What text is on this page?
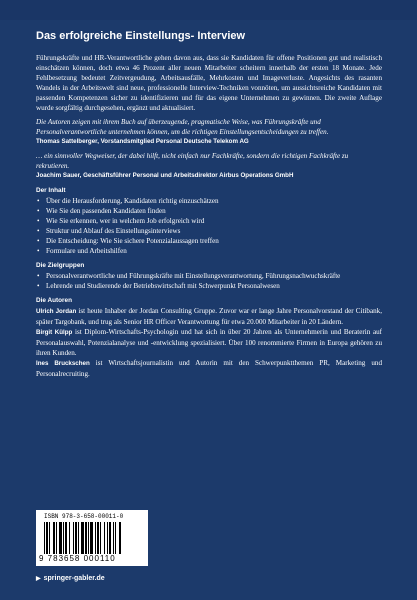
Das erfolgreiche Einstellungs- Interview

Führungskräfte und HR-Verantwortliche gehen davon aus, dass sie Kandidaten für offene Positionen gut und realistisch einschätzen können, doch etwa 46 Prozent aller neuen Mitarbeiter scheitern innerhalb der ersten 18 Monate. Jede Fehlbesetzung bedeutet Zeitvergeudung, Arbeitsausfälle, Mehrkosten und Imageverluste. Angesichts des rasanten Wandels in der Arbeitswelt sind neue, professionelle Interview-Techniken vonnöten, um aussichtsreiche Kandidaten mit passenden Kompetenzen sicher zu identifizieren und für das eigene Unternehmen zu gewinnen. Die zweite Auflage wurde sorgfältig durchgesehen, ergänzt und aktualisiert.

Die Autoren zeigen mit ihrem Buch auf überzeugende, pragmatische Weise, was Führungskräfte und Personalverantwortliche unternehmen können, um die richtigen Einstellungsentscheidungen zu treffen.

Thomas Sattelberger, Vorstandsmitglied Personal Deutsche Telekom AG

… ein sinnvoller Wegweiser, der dabei hilft, nicht einfach nur Fachkräfte, sondern die richtigen Fachkräfte zu rekrutieren.

Joachim Sauer, Geschäftsführer Personal und Arbeitsdirektor Airbus Operations GmbH

Der Inhalt

• Über die Herausforderung, Kandidaten richtig einzuschätzen
• Wie Sie den passenden Kandidaten finden
• Wie Sie erkennen, wer in welchem Job erfolgreich wird
• Struktur und Ablauf des Einstellungsinterviews
• Die Entscheidung: Wie Sie sichere Potenzialaussagen treffen
• Formulare und Arbeitshilfen

Die Zielgruppen

• Personalverantwortliche und Führungskräfte mit Einstellungsverantwortung, Führungsnachwuchskräfte
• Lehrende und Studierende der Betriebswirtschaft mit Schwerpunkt Personalwesen

Die Autoren

Ulrich Jordan ist heute Inhaber der Jordan Consulting Gruppe. Zuvor war er lange Jahre Personalvorstand der Citibank, später Targobank, und trug als Senior HR Officer Verantwortung für etwa 20.000 Mitarbeiter in 20 Ländern.

Birgit Külpp ist Diplom-Wirtschafts-Psychologin und hat sich in über 20 Jahren als Unternehmerin und Beraterin auf Personalauswahl, Potenzialanalyse und -entwicklung spezialisiert. Über 100 renommierte Firmen in Europa gehören zu ihren Kunden.

Ines Bruckschen ist Wirtschaftsjournalistin und Autorin mit den Schwerpunktthemen PR, Marketing und Personalrecruiting.

ISBN 978-3-658-00011-0
9 783658 000110
▶ springer-gabler.de
